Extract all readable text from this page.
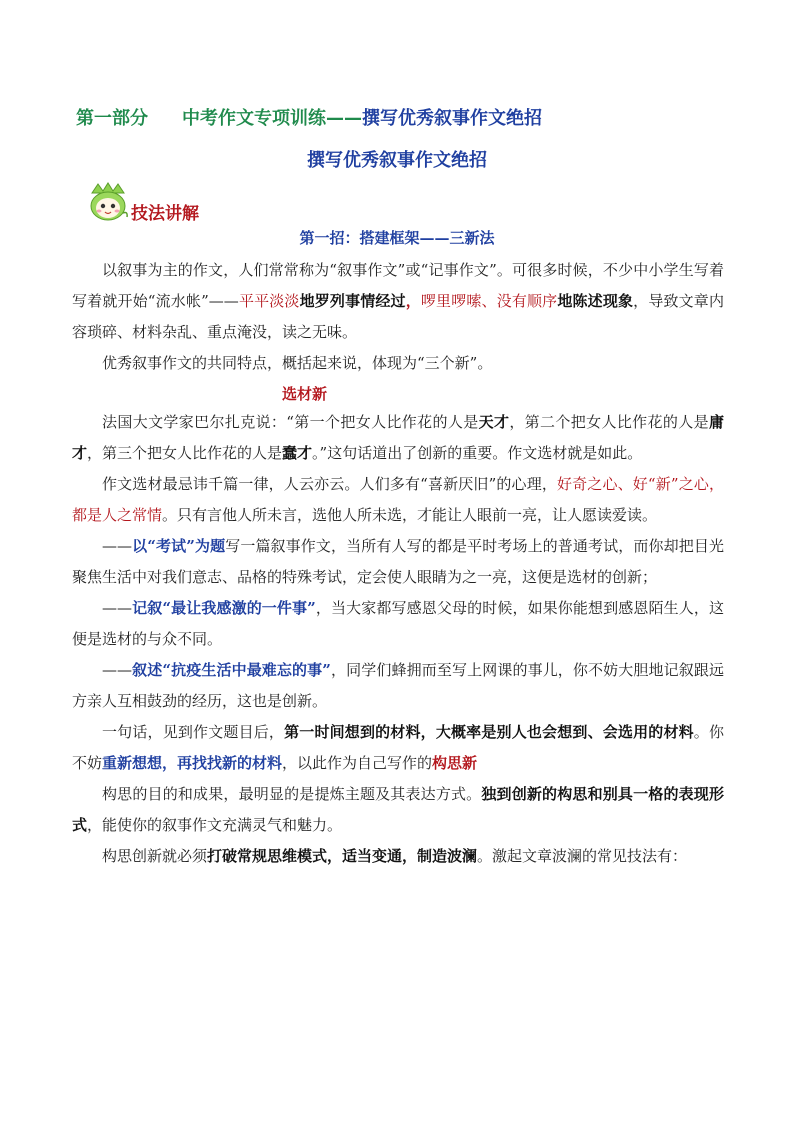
第一部分 中考作文专项训练——撰写优秀叙事作文绝招
撰写优秀叙事作文绝招
技法讲解
第一招：搭建框架——三新法

以叙事为主的作文，人们常常称为“叙事作文”或“记事作文”。可很多时候，不少中小学生写着写着就开始“流水帐”——平平淡淡地罗列事情经过，啰里啰嗦、没有顺序地陈述现象，导致文章内容琐碎、材料杂乱、重点淹没，读之无味。

优秀叙事作文的共同特点，概括起来说，体现为“三个新”。

选材新

法国大文学家巴尔扎克说：“第一个把女人比作花的人是天才，第二个把女人比作花的人是庸才，第三个把女人比作花的人是蠢才。”这句话道出了创新的重要。作文选材就是如此。

作文选材最忌讳千篇一律，人云亦云。人们多有“喜新厌旧”的心理，好奇之心、好“新”之心，都是人之常情。只有言他人所未言，选他人所未选，才能让人眼前一亮，让人愿读爱读。

——以“考试”为题写一篇叙事作文，当所有人写的都是平时考场上的普通考试，而你却把目光聚焦生活中对我们意志、品格的特殊考试，定会使人眼睛为之一亮，这便是选材的创新；

——记叙“最让我感激的一件事”，当大家都写感恩父母的时候，如果你能想到感恩陌生人，这便是选材的与众不同。

——叙述“抗疫生活中最难忘的事”，同学们蜂拥而至写上网课的事儿，你不妨大胆地记叙跟远方亲人互相鼓劲的经历，这也是创新。

一句话，见到作文题目后，第一时间想到的材料，大概率是别人也会想到、会选用的材料。你不妨重新想想，再找找新的材料，以此作为自己写作的构思新

构思的目的和成果，最明显的是提炼主题及其表达方式。独到创新的构思和别具一格的表现形式，能使你的叙事作文充满灵气和魅力。

构思创新就必须打破常规思维模式，适当变通，制造波澜。激起文章波澜的常见技法有：
